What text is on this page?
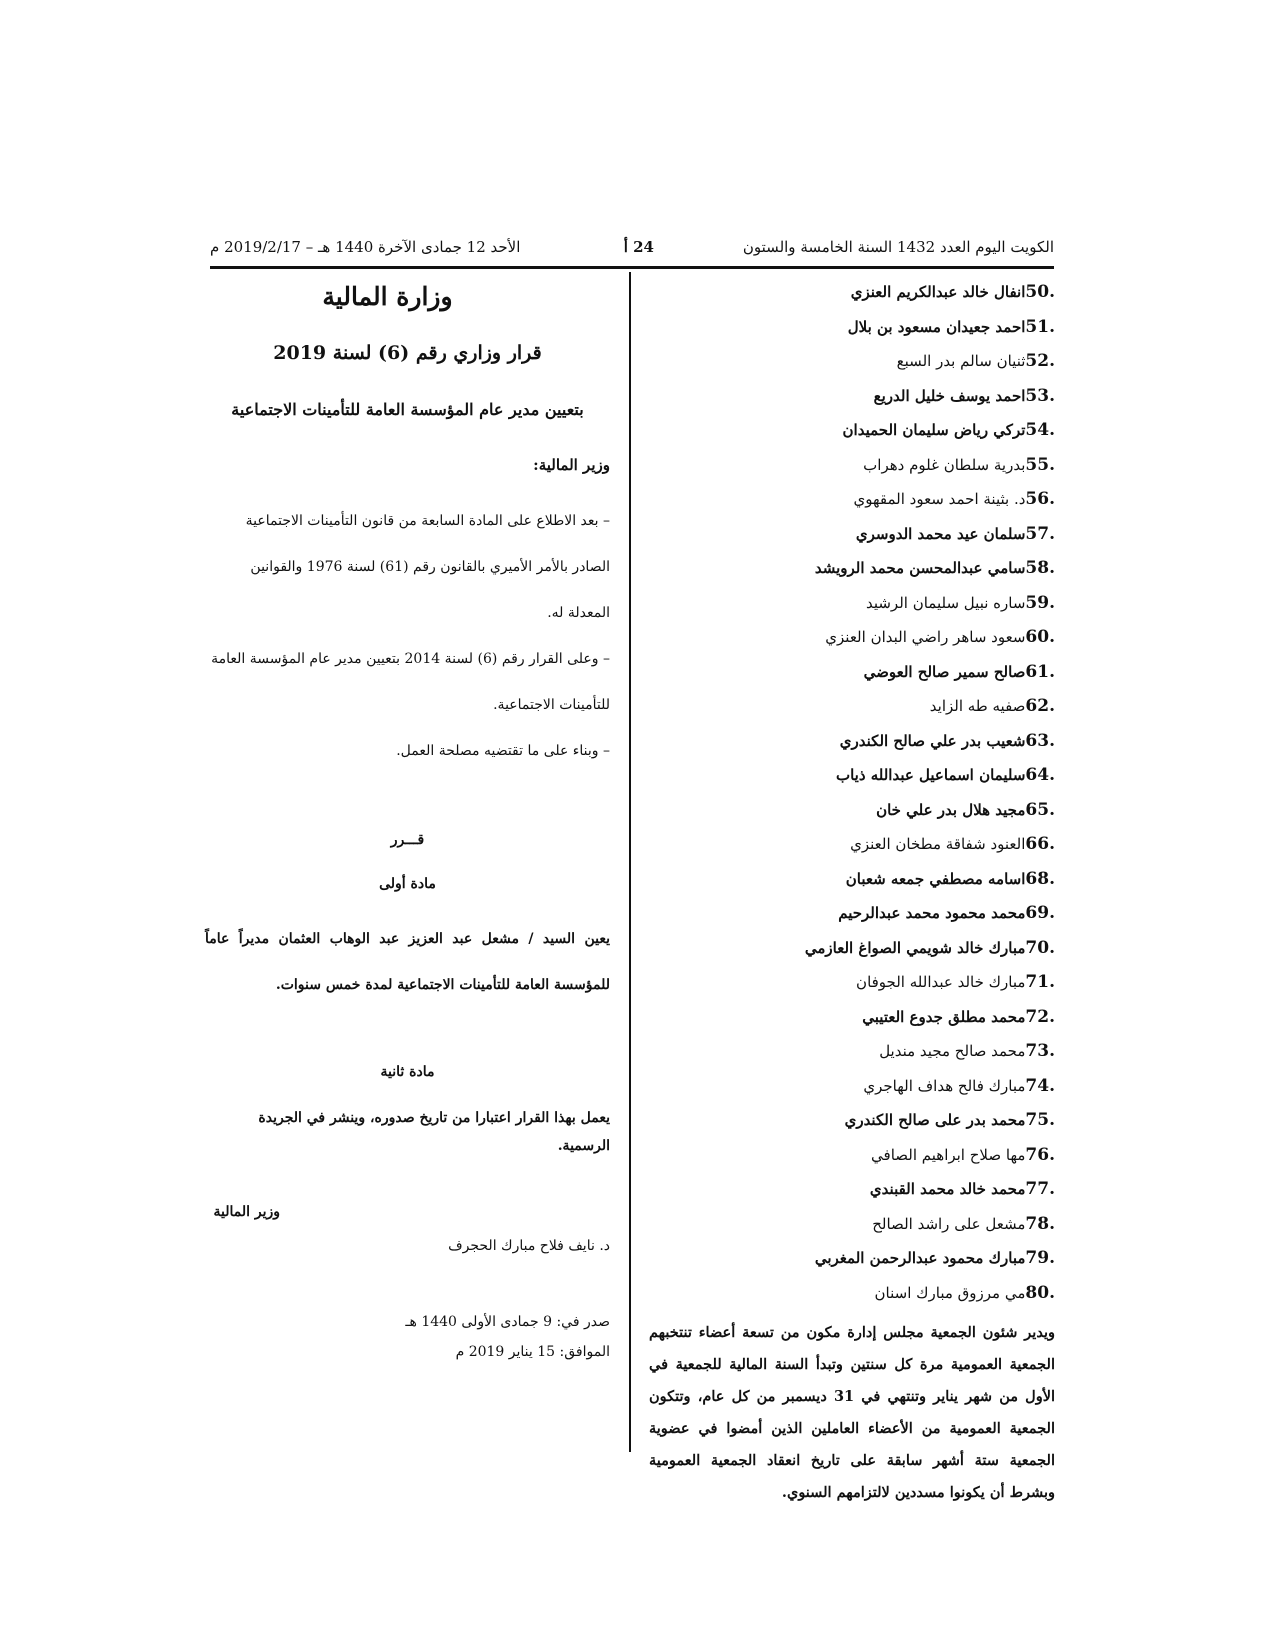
الكويت اليوم العدد 1432 السنة الخامسة والستون
24 أ
الأحد 12 جمادى الآخرة 1440 هـ – 2019/2/17 م
.50انفال خالد عبدالكريم العنزي
.51احمد جعيدان مسعود بن بلال
.52ثنيان سالم بدر السبع
.53احمد يوسف خليل الدريع
.54تركي رياض سليمان الحميدان
.55بدرية سلطان غلوم دهراب
.56د. بثينة احمد سعود المقهوي
.57سلمان عيد محمد الدوسري
.58سامي عبدالمحسن محمد الرويشد
.59ساره نبيل سليمان الرشيد
.60سعود ساهر راضي البدان العنزي
.61صالح سمير صالح العوضي
.62صفيه طه الزايد
.63شعيب بدر علي صالح الكندري
.64سليمان اسماعيل عبدالله ذياب
.65مجيد هلال بدر علي خان
.66العنود شفاقة مطخان العنزي
.68اسامه مصطفي جمعه شعبان
.69محمد محمود محمد عبدالرحيم
.70مبارك خالد شويمي الصواغ العازمي
.71مبارك خالد عبدالله الجوفان
.72محمد مطلق جدوع العتيبي
.73محمد صالح مجيد منديل
.74مبارك فالح هداف الهاجري
.75محمد بدر على صالح الكندري
.76مها صلاح ابراهيم الصافي
.77محمد خالد محمد القبندي
.78مشعل على راشد الصالح
.79مبارك محمود عبدالرحمن المغربي
.80مي مرزوق مبارك اسنان
ويدير شئون الجمعية مجلس إدارة مكون من تسعة أعضاء تنتخبهم الجمعية العمومية مرة كل سنتين وتبدأ السنة المالية للجمعية في الأول من شهر يناير وتنتهي في 31 ديسمبر من كل عام، وتتكون الجمعية العمومية من الأعضاء العاملين الذين أمضوا في عضوية الجمعية ستة أشهر سابقة على تاريخ انعقاد الجمعية العمومية وبشرط أن يكونوا مسددين لالتزامهم السنوي.
وزارة المالية
قرار وزاري رقم (6) لسنة 2019
بتعيين مدير عام المؤسسة العامة للتأمينات الاجتماعية
وزير المالية:
– بعد الاطلاع على المادة السابعة من قانون التأمينات الاجتماعية الصادر بالأمر الأميري بالقانون رقم (61) لسنة 1976 والقوانين المعدلة له.
– وعلى القرار رقم (6) لسنة 2014 بتعيين مدير عام المؤسسة العامة للتأمينات الاجتماعية.
– وبناء على ما تقتضيه مصلحة العمل.
قـــرر
مادة أولى
يعين السيد / مشعل عبد العزيز عبد الوهاب العثمان مديراً عاماً للمؤسسة العامة للتأمينات الاجتماعية لمدة خمس سنوات.
مادة ثانية
يعمل بهذا القرار اعتبارا من تاريخ صدوره، وينشر في الجريدة الرسمية.
وزير المالية
د. نايف فلاح مبارك الحجرف
صدر في: 9 جمادى الأولى 1440 هـ
الموافق: 15 يناير 2019 م
